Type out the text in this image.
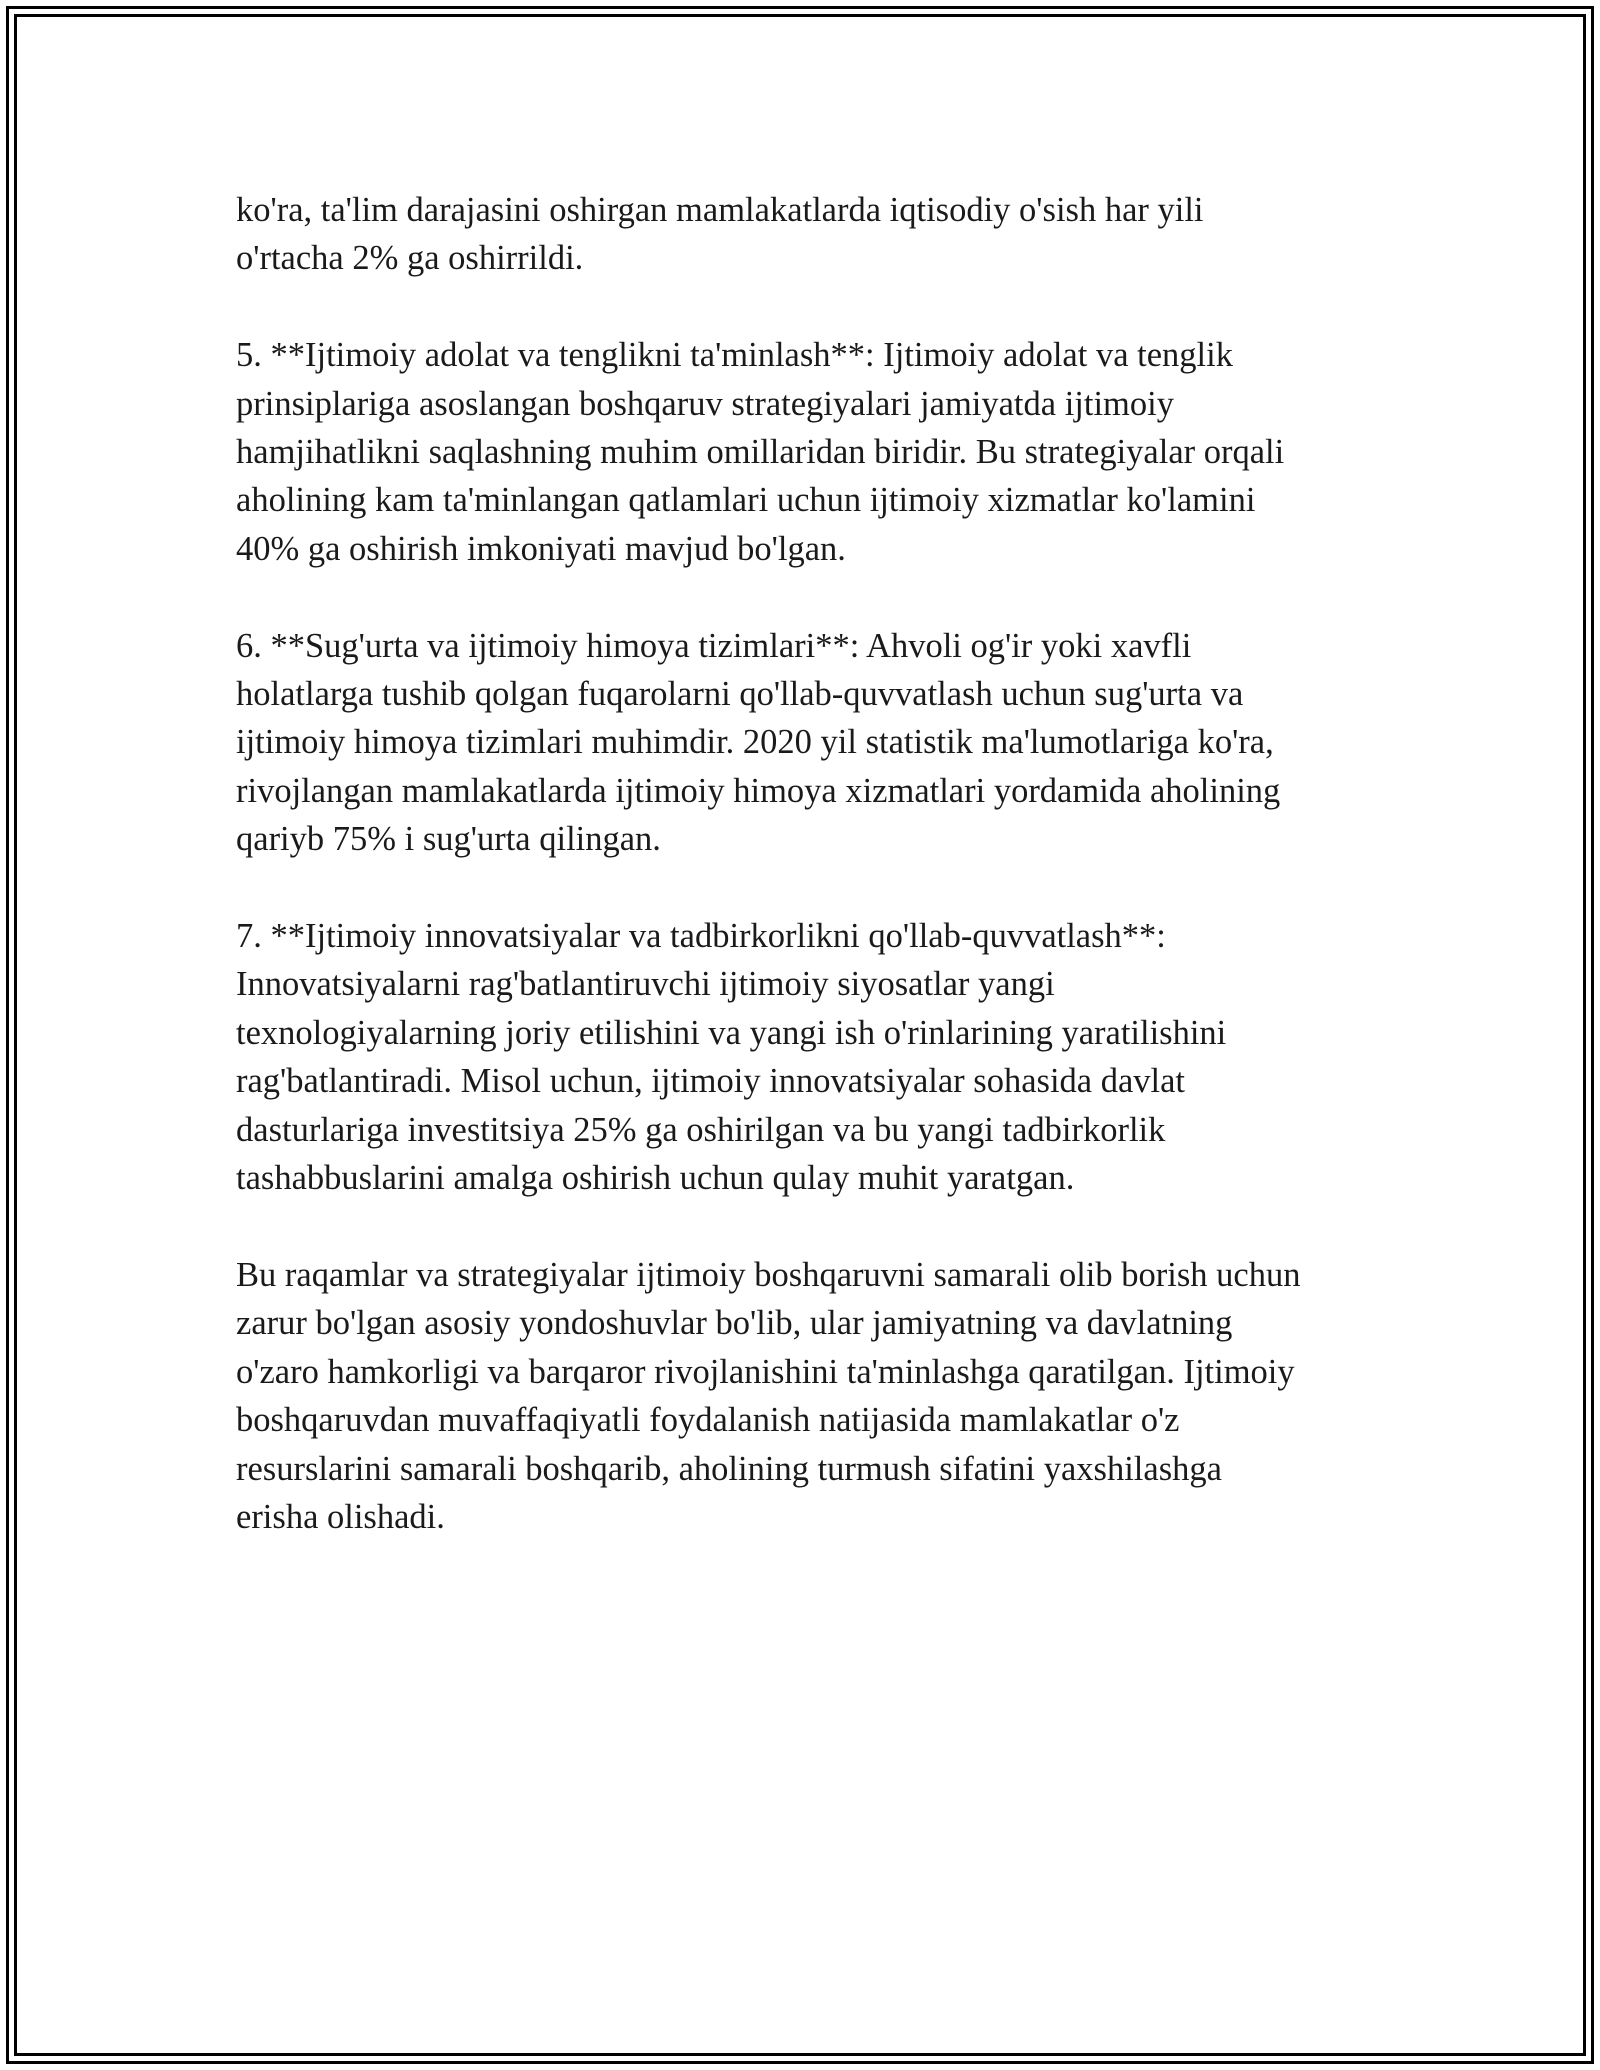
ko'ra, ta'lim darajasini oshirgan mamlakatlarda iqtisodiy o'sish har yili
o'rtacha 2% ga oshirrildi.

5. **Ijtimoiy adolat va tenglikni ta'minlash**: Ijtimoiy adolat va tenglik
prinsiplariga asoslangan boshqaruv strategiyalari jamiyatda ijtimoiy
hamjihatlikni saqlashning muhim omillaridan biridir. Bu strategiyalar orqali
aholining kam ta'minlangan qatlamlari uchun ijtimoiy xizmatlar ko'lamini
40% ga oshirish imkoniyati mavjud bo'lgan.

6. **Sug'urta va ijtimoiy himoya tizimlari**: Ahvoli og'ir yoki xavfli
holatlarga tushib qolgan fuqarolarni qo'llab-quvvatlash uchun sug'urta va
ijtimoiy himoya tizimlari muhimdir. 2020 yil statistik ma'lumotlariga ko'ra,
rivojlangan mamlakatlarda ijtimoiy himoya xizmatlari yordamida aholining
qariyb 75% i sug'urta qilingan.

7. **Ijtimoiy innovatsiyalar va tadbirkorlikni qo'llab-quvvatlash**:
Innovatsiyalarni rag'batlantiruvchi ijtimoiy siyosatlar yangi
texnologiyalarning joriy etilishini va yangi ish o'rinlarining yaratilishini
rag'batlantiradi. Misol uchun, ijtimoiy innovatsiyalar sohasida davlat
dasturlariga investitsiya 25% ga oshirilgan va bu yangi tadbirkorlik
tashabbuslarini amalga oshirish uchun qulay muhit yaratgan.

Bu raqamlar va strategiyalar ijtimoiy boshqaruvni samarali olib borish uchun
zarur bo'lgan asosiy yondoshuvlar bo'lib, ular jamiyatning va davlatning
o'zaro hamkorligi va barqaror rivojlanishini ta'minlashga qaratilgan. Ijtimoiy
boshqaruvdan muvaffaqiyatli foydalanish natijasida mamlakatlar o'z
resurslarini samarali boshqarib, aholining turmush sifatini yaxshilashga
erisha olishadi.
